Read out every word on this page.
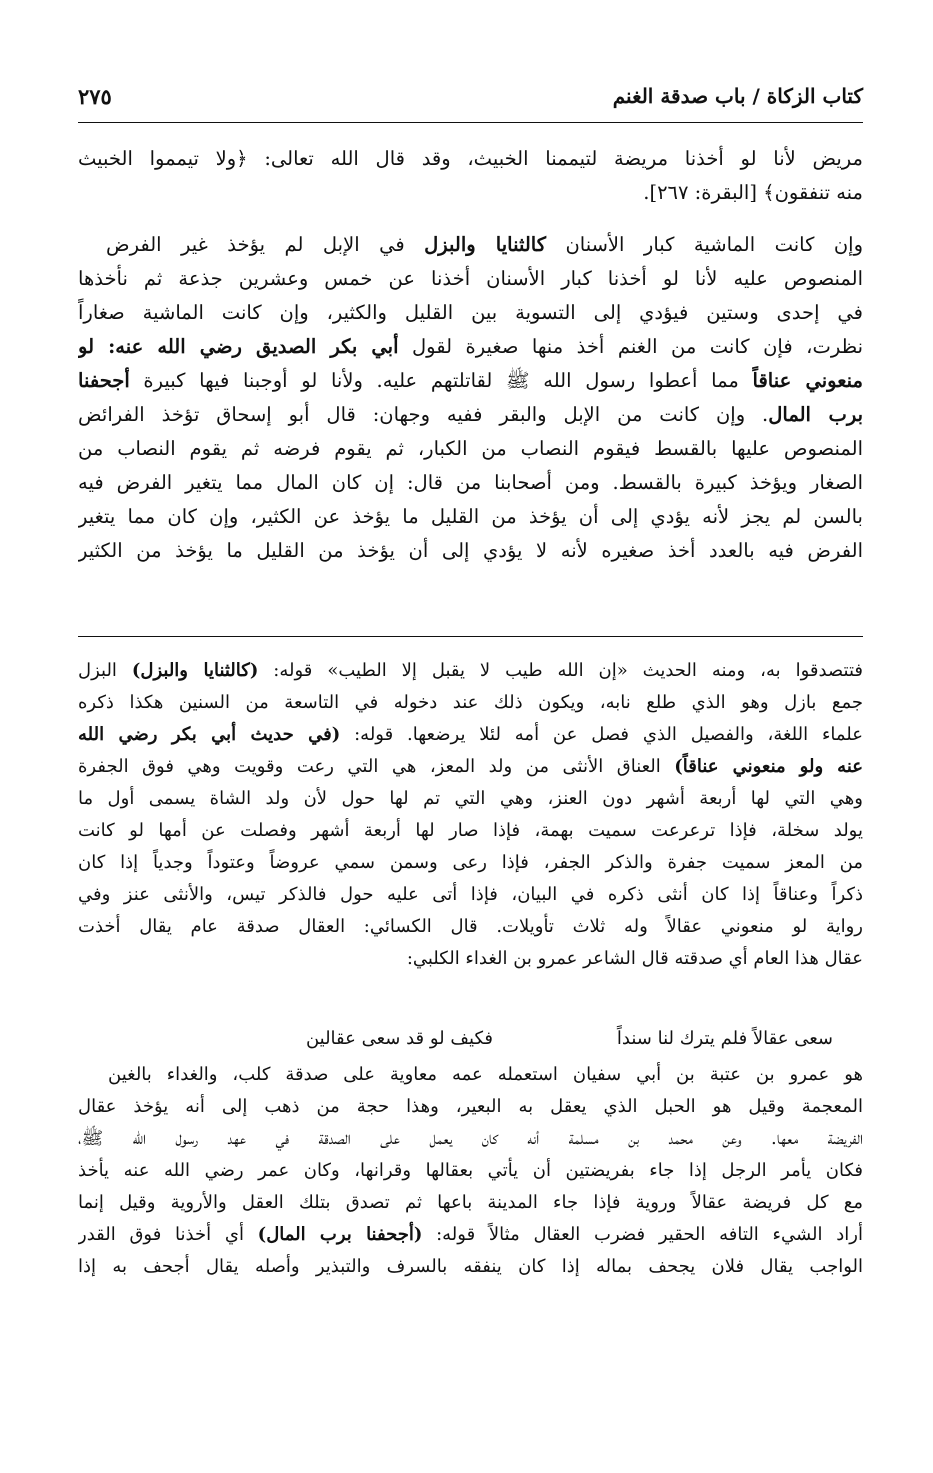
كتاب الزكاة / باب صدقة الغنم
٢٧٥
مريض لأنا لو أخذنا مريضة لتيممنا الخبيث، وقد قال الله تعالى: ﴿ولا تيمموا الخبيث
منه تنفقون﴾ [البقرة: ٢٦٧].
وإن كانت الماشية كبار الأسنان كالثنايا والبزل في الإبل لم يؤخذ غير الفرض
المنصوص عليه لأنا لو أخذنا كبار الأسنان أخذنا عن خمس وعشرين جذعة ثم نأخذها
في إحدى وستين فيؤدي إلى التسوية بين القليل والكثير، وإن كانت الماشية صغاراً
نظرت، فإن كانت من الغنم أخذ منها صغيرة لقول أبي بكر الصديق رضي الله عنه: لو
منعوني عناقاً مما أعطوا رسول الله ﷺ لقاتلتهم عليه. ولأنا لو أوجبنا فيها كبيرة أجحفنا
برب المال. وإن كانت من الإبل والبقر ففيه وجهان: قال أبو إسحاق تؤخذ الفرائض
المنصوص عليها بالقسط فيقوم النصاب من الكبار، ثم يقوم فرضه ثم يقوم النصاب من
الصغار ويؤخذ كبيرة بالقسط. ومن أصحابنا من قال: إن كان المال مما يتغير الفرض فيه
بالسن لم يجز لأنه يؤدي إلى أن يؤخذ من القليل ما يؤخذ عن الكثير، وإن كان مما يتغير
الفرض فيه بالعدد أخذ صغيره لأنه لا يؤدي إلى أن يؤخذ من القليل ما يؤخذ من الكثير
فتتصدقوا به، ومنه الحديث «إن الله طيب لا يقبل إلا الطيب» قوله: (كالثنايا والبزل) البزل
جمع بازل وهو الذي طلع نابه، ويكون ذلك عند دخوله في التاسعة من السنين هكذا ذكره
علماء اللغة، والفصيل الذي فصل عن أمه لئلا يرضعها. قوله: (في حديث أبي بكر رضي الله
عنه ولو منعوني عناقاً) العناق الأنثى من ولد المعز، هي التي رعت وقويت وهي فوق الجفرة
وهي التي لها أربعة أشهر دون العنز، وهي التي تم لها حول لأن ولد الشاة يسمى أول ما
يولد سخلة، فإذا ترعرعت سميت بهمة، فإذا صار لها أربعة أشهر وفصلت عن أمها لو كانت
من المعز سميت جفرة والذكر الجفر، فإذا رعى وسمن سمي عروضاً وعتوداً وجدياً إذا كان
ذكراً وعناقاً إذا كان أنثى ذكره في البيان، فإذا أتى عليه حول فالذكر تيس، والأنثى عنز وفي
رواية لو منعوني عقالاً وله ثلاث تأويلات. قال الكسائي: العقال صدقة عام يقال أخذت
عقال هذا العام أي صدقته قال الشاعر عمرو بن الغداء الكلبي:
سعى عقالاً فلم يترك لنا سنداً
فكيف لو قد سعى عقالين
هو عمرو بن عتبة بن أبي سفيان استعمله عمه معاوية على صدقة كلب، والغداء بالغين
المعجمة وقيل هو الحبل الذي يعقل به البعير، وهذا حجة من ذهب إلى أنه يؤخذ عقال
الفريضة معها. وعن محمد بن مسلمة أنه كان يعمل على الصدقة في عهد رسول الله ﷺ،
فكان يأمر الرجل إذا جاء بفريضتين أن يأتي بعقالها وقرانها، وكان عمر رضي الله عنه يأخذ
مع كل فريضة عقالاً وروية فإذا جاء المدينة باعها ثم تصدق بتلك العقل والأروية وقيل إنما
أراد الشيء التافه الحقير فضرب العقال مثالاً قوله: (أجحفنا برب المال) أي أخذنا فوق القدر
الواجب يقال فلان يجحف بماله إذا كان ينفقه بالسرف والتبذير وأصله يقال أجحف به إذا
